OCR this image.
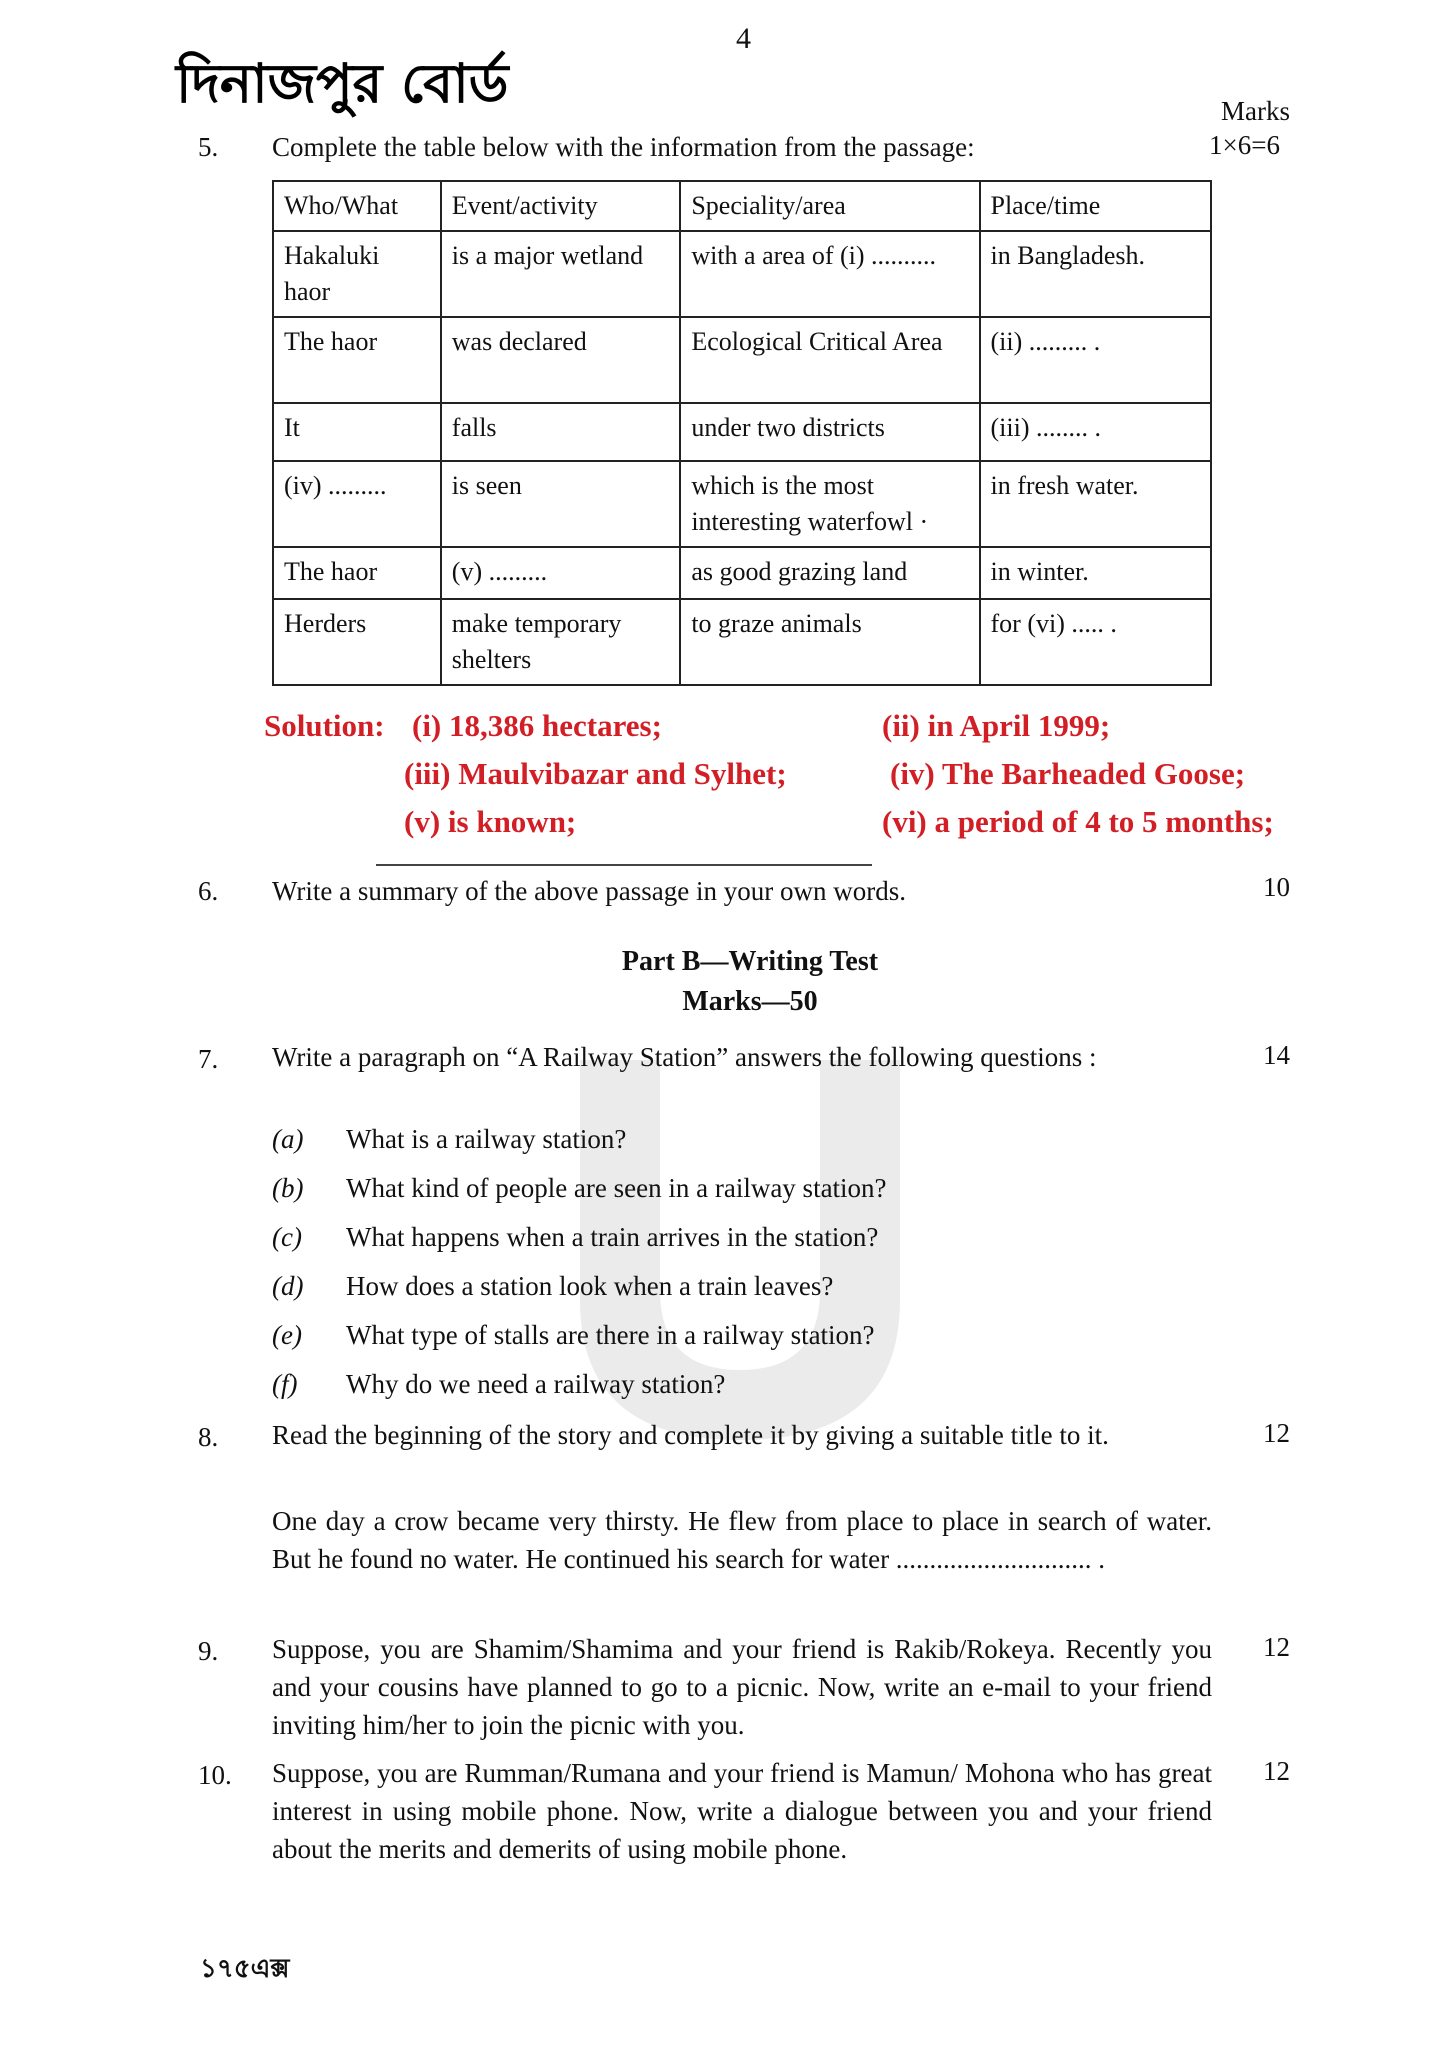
4
দিনাজপুর বোর্ড	Marks
5. Complete the table below with the information from the passage:	1×6=6
Who/What	Event/activity	Speciality/area	Place/time
Hakaluki haor	is a major wetland	with a area of (i) ..........	in Bangladesh.
The haor	was declared	Ecological Critical Area	(ii) ......... .
It	falls	under two districts	(iii) ........ .
(iv) .........	is seen	which is the most interesting waterfowl ·	in fresh water.
The haor	(v) .........	as good grazing land	in winter.
Herders	make temporary shelters	to graze animals	for (vi) ..... .
Solution: (i) 18,386 hectares;	(ii) in April 1999;
(iii) Maulvibazar and Sylhet;	(iv) The Barheaded Goose;
(v) is known;	(vi) a period of 4 to 5 months;
6. Write a summary of the above passage in your own words.	10
Part B—Writing Test
Marks—50
7. Write a paragraph on “A Railway Station” answers the following questions :	14
(a) What is a railway station?
(b) What kind of people are seen in a railway station?
(c) What happens when a train arrives in the station?
(d) How does a station look when a train leaves?
(e) What type of stalls are there in a railway station?
(f) Why do we need a railway station?
8. Read the beginning of the story and complete it by giving a suitable title to it.	12
One day a crow became very thirsty. He flew from place to place in search of water. But he found no water. He continued his search for water ............................. .
9. Suppose, you are Shamim/Shamima and your friend is Rakib/Rokeya. Recently you and your cousins have planned to go to a picnic. Now, write an e-mail to your friend inviting him/her to join the picnic with you.
12
10. Suppose, you are Rumman/Rumana and your friend is Mamun/ Mohona who has great interest in using mobile phone. Now, write a dialogue between you and your friend about the merits and demerits of using mobile phone.
12
১৭৫এক্স
